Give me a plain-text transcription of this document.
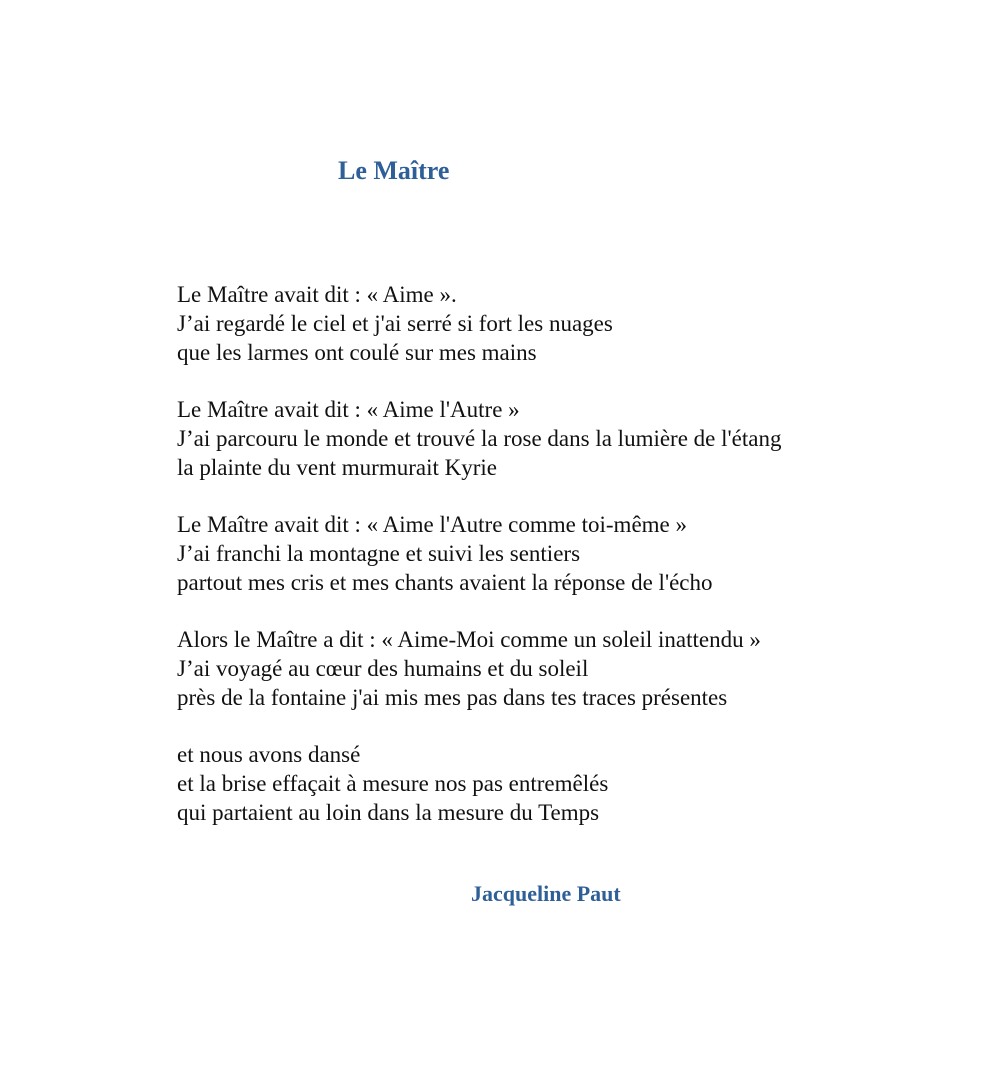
Le Maître

Le Maître avait dit : « Aime ».
J’ai regardé le ciel et j'ai serré si fort les nuages
que les larmes ont coulé sur mes mains

Le Maître avait dit : « Aime l'Autre »
J’ai parcouru le monde et trouvé la rose dans la lumière de l'étang
la plainte du vent murmurait Kyrie

Le Maître avait dit : « Aime l'Autre comme toi-même »
J’ai franchi la montagne et suivi les sentiers
partout mes cris et mes chants avaient la réponse de l'écho

Alors le Maître a dit : « Aime-Moi comme un soleil inattendu »
J’ai voyagé au cœur des humains et du soleil
près de la fontaine j'ai mis mes pas dans tes traces présentes

et nous avons dansé
et la brise effaçait à mesure nos pas entremêlés
qui partaient au loin dans la mesure du Temps

Jacqueline Paut
